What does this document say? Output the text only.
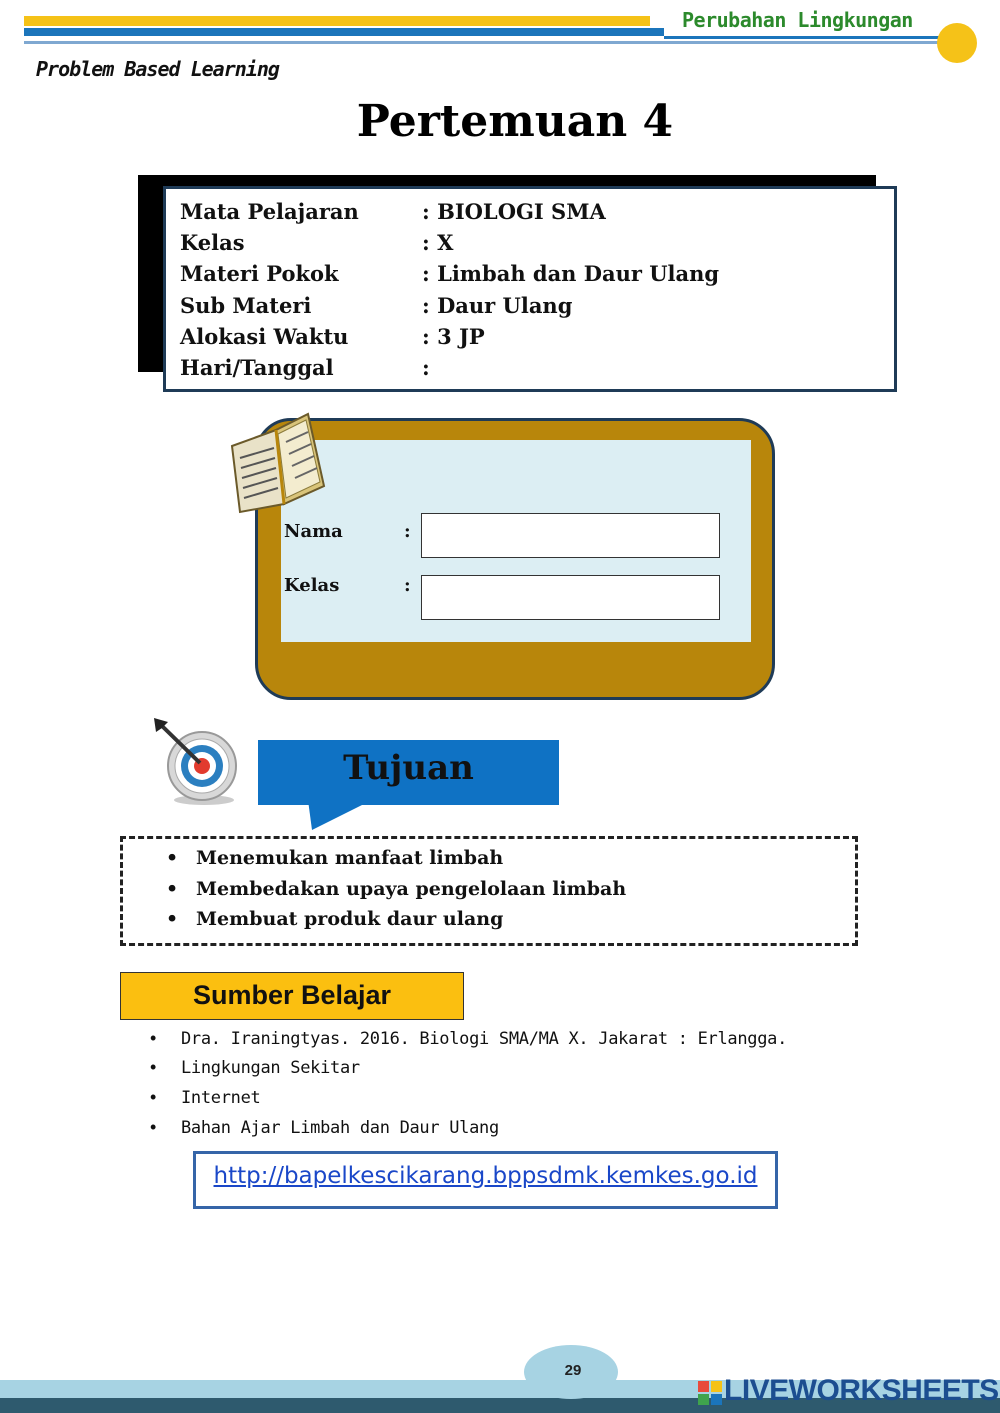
Perubahan Lingkungan
Problem Based Learning
Pertemuan 4
Mata Pelajaran	: BIOLOGI SMA
Kelas	: X
Materi Pokok	: Limbah dan Daur Ulang
Sub Materi	: Daur Ulang
Alokasi Waktu	: 3 JP
Hari/Tanggal	:
Nama	:
Kelas	:
Tujuan
• Menemukan manfaat limbah
• Membedakan upaya pengelolaan limbah
• Membuat produk daur ulang
Sumber Belajar
• Dra. Iraningtyas. 2016. Biologi SMA/MA X. Jakarat : Erlangga.
• Lingkungan Sekitar
• Internet
• Bahan Ajar Limbah dan Daur Ulang
http://bapelkescikarang.bppsdmk.kemkes.go.id
29
LIVEWORKSHEETS
